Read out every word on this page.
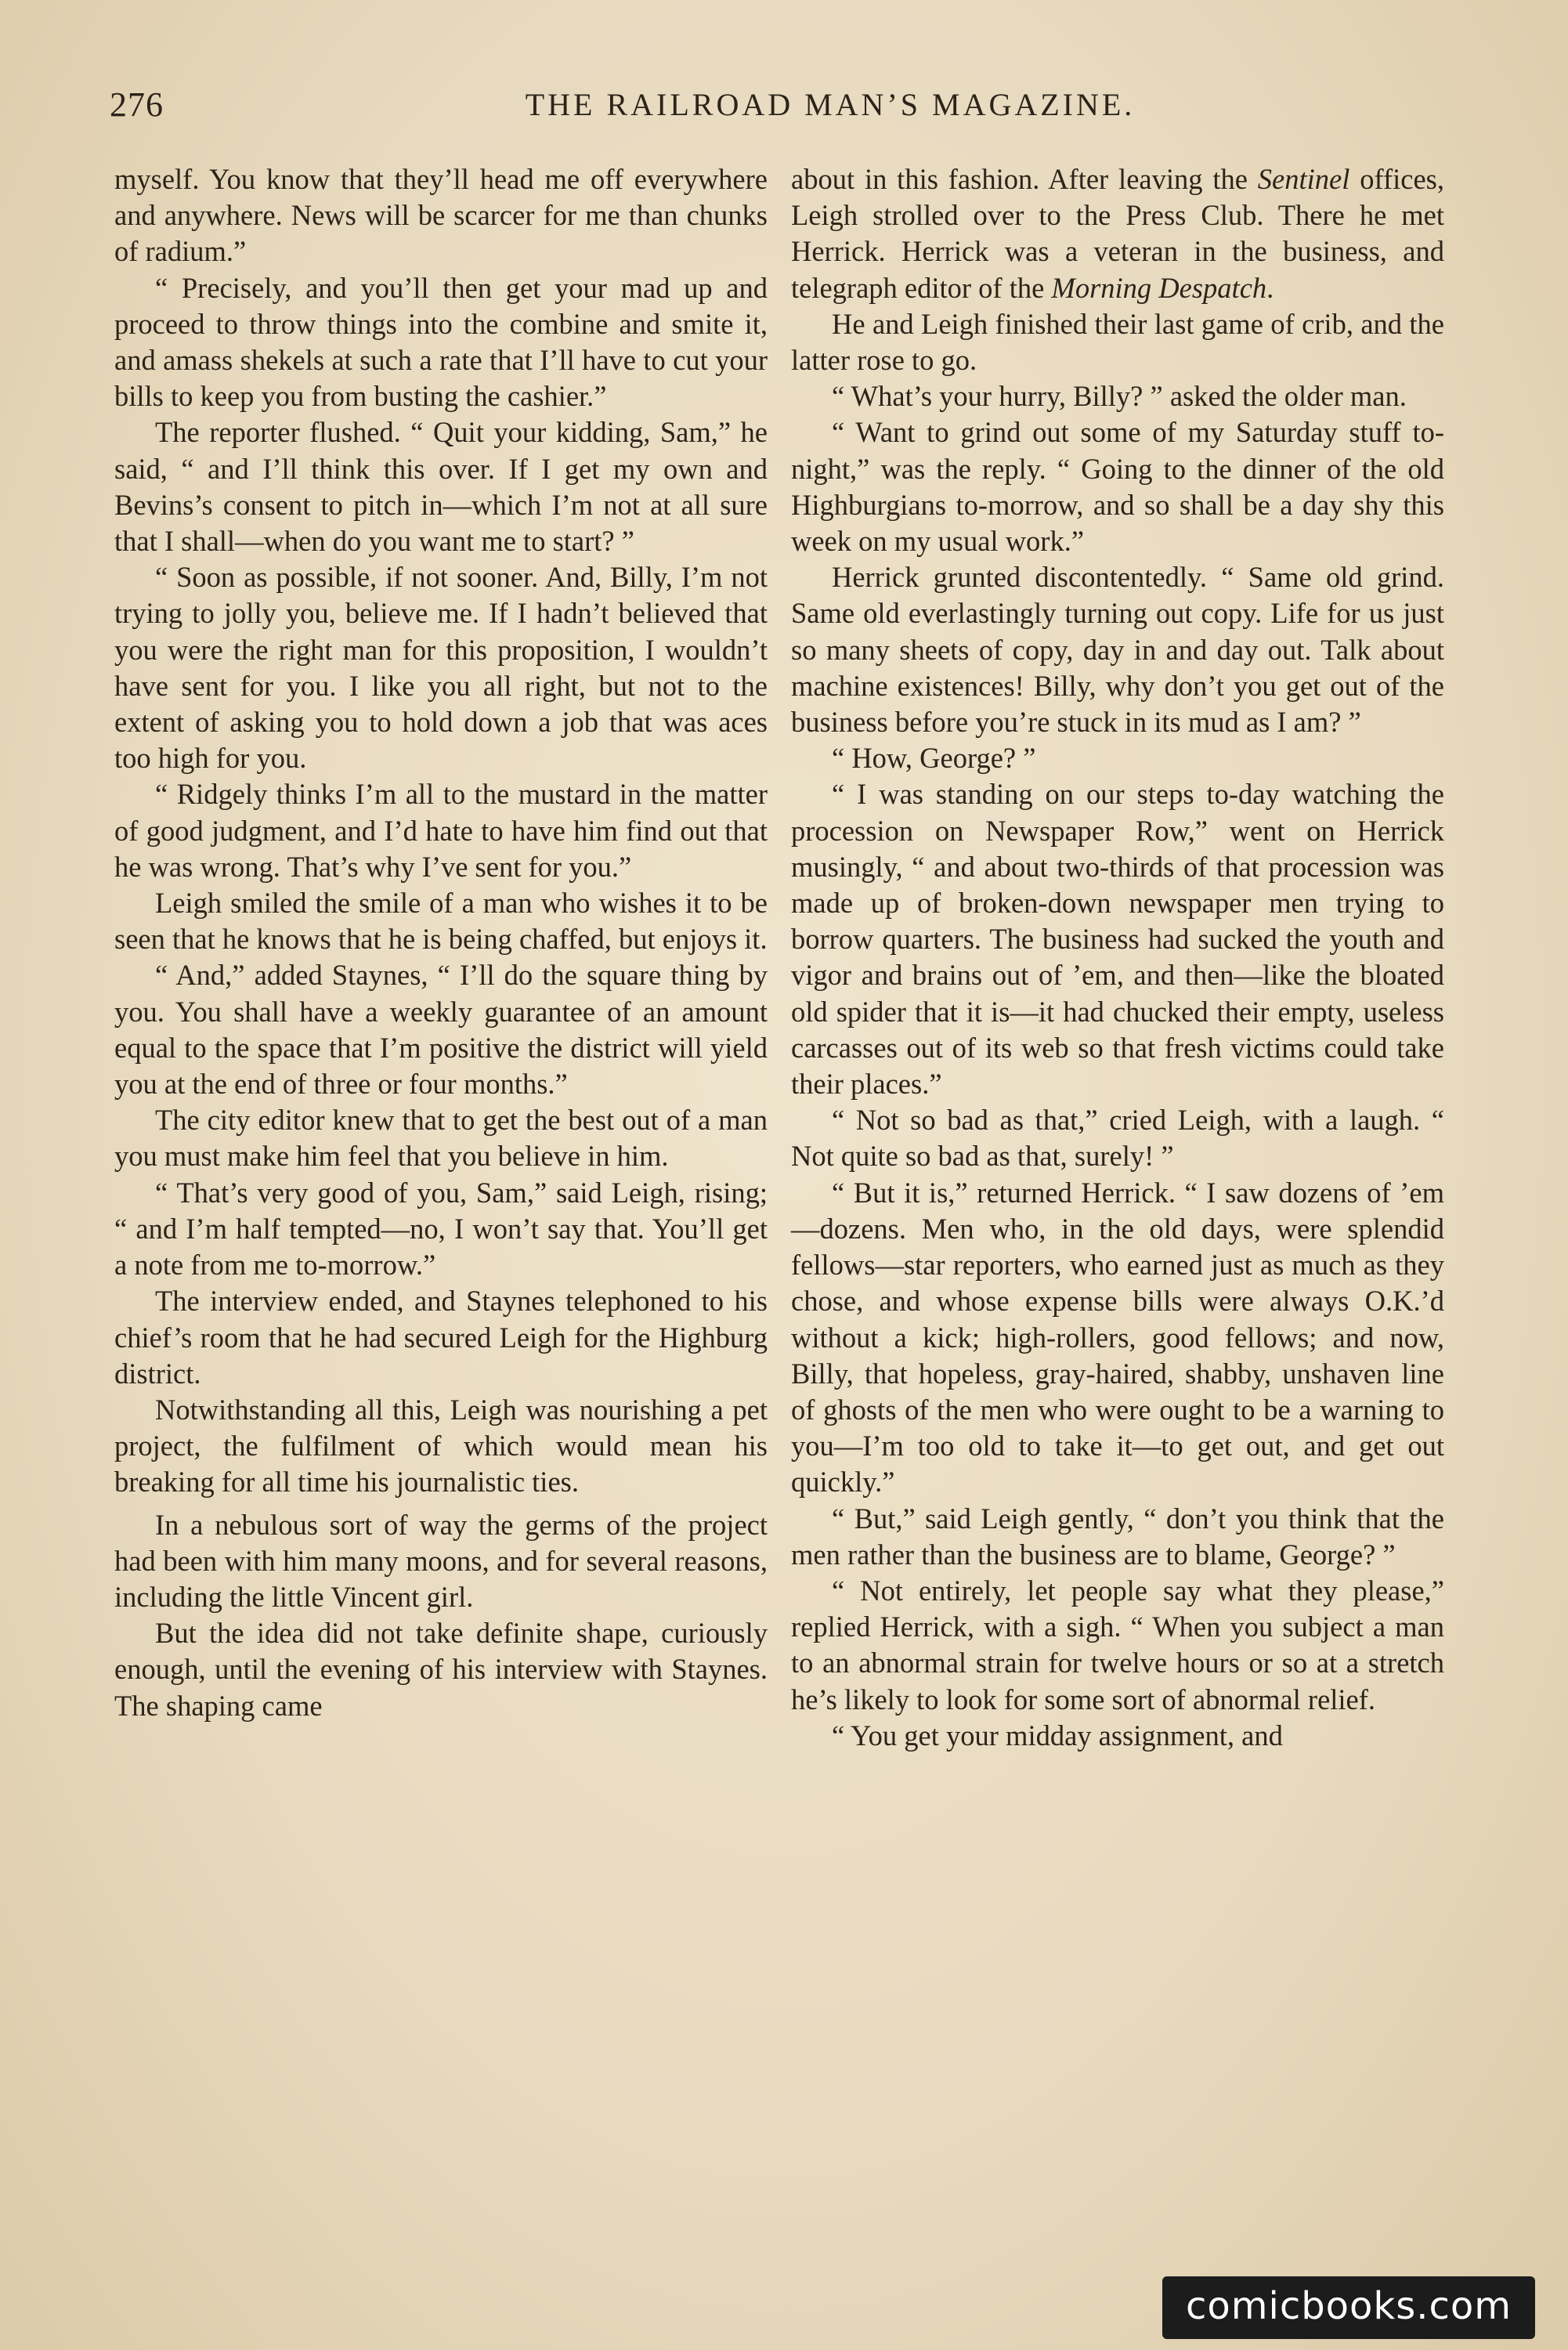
276	THE RAILROAD MAN’S MAGAZINE.

myself. You know that they’ll head me off everywhere and anywhere. News will be scarcer for me than chunks of radium.”

“ Precisely, and you’ll then get your mad up and proceed to throw things into the combine and smite it, and amass shekels at such a rate that I’ll have to cut your bills to keep you from busting the cashier.”

The reporter flushed. “ Quit your kidding, Sam,” he said, “ and I’ll think this over. If I get my own and Bevins’s consent to pitch in—which I’m not at all sure that I shall—when do you want me to start? ”

“ Soon as possible, if not sooner. And, Billy, I’m not trying to jolly you, believe me. If I hadn’t believed that you were the right man for this proposition, I wouldn’t have sent for you. I like you all right, but not to the extent of asking you to hold down a job that was aces too high for you.

“ Ridgely thinks I’m all to the mustard in the matter of good judgment, and I’d hate to have him find out that he was wrong. That’s why I’ve sent for you.”

Leigh smiled the smile of a man who wishes it to be seen that he knows that he is being chaffed, but enjoys it.

“ And,” added Staynes, “ I’ll do the square thing by you. You shall have a weekly guarantee of an amount equal to the space that I’m positive the district will yield you at the end of three or four months.”

The city editor knew that to get the best out of a man you must make him feel that you believe in him.

“ That’s very good of you, Sam,” said Leigh, rising; “ and I’m half tempted—no, I won’t say that. You’ll get a note from me to-morrow.”

The interview ended, and Staynes telephoned to his chief’s room that he had secured Leigh for the Highburg district.

Notwithstanding all this, Leigh was nourishing a pet project, the fulfilment of which would mean his breaking for all time his journalistic ties.

In a nebulous sort of way the germs of the project had been with him many moons, and for several reasons, including the little Vincent girl.

But the idea did not take definite shape, curiously enough, until the evening of his interview with Staynes. The shaping came

about in this fashion. After leaving the Sentinel offices, Leigh strolled over to the Press Club. There he met Herrick. Herrick was a veteran in the business, and telegraph editor of the Morning Despatch.

He and Leigh finished their last game of crib, and the latter rose to go.

“ What’s your hurry, Billy? ” asked the older man.

“ Want to grind out some of my Saturday stuff to-night,” was the reply. “ Going to the dinner of the old Highburgians to-morrow, and so shall be a day shy this week on my usual work.”

Herrick grunted discontentedly. “ Same old grind. Same old everlastingly turning out copy. Life for us just so many sheets of copy, day in and day out. Talk about machine existences! Billy, why don’t you get out of the business before you’re stuck in its mud as I am? ”

“ How, George? ”

“ I was standing on our steps to-day watching the procession on Newspaper Row,” went on Herrick musingly, “ and about two-thirds of that procession was made up of broken-down newspaper men trying to borrow quarters. The business had sucked the youth and vigor and brains out of ’em, and then—like the bloated old spider that it is—it had chucked their empty, useless carcasses out of its web so that fresh victims could take their places.”

“ Not so bad as that,” cried Leigh, with a laugh. “ Not quite so bad as that, surely! ”

“ But it is,” returned Herrick. “ I saw dozens of ’em—dozens. Men who, in the old days, were splendid fellows—star reporters, who earned just as much as they chose, and whose expense bills were always O.K.’d without a kick; high-rollers, good fellows; and now, Billy, that hopeless, gray-haired, shabby, unshaven line of ghosts of the men who were ought to be a warning to you—I’m too old to take it—to get out, and get out quickly.”

“ But,” said Leigh gently, “ don’t you think that the men rather than the business are to blame, George? ”

“ Not entirely, let people say what they please,” replied Herrick, with a sigh. “ When you subject a man to an abnormal strain for twelve hours or so at a stretch he’s likely to look for some sort of abnormal relief.

“ You get your midday assignment, and

comicbooks.com
